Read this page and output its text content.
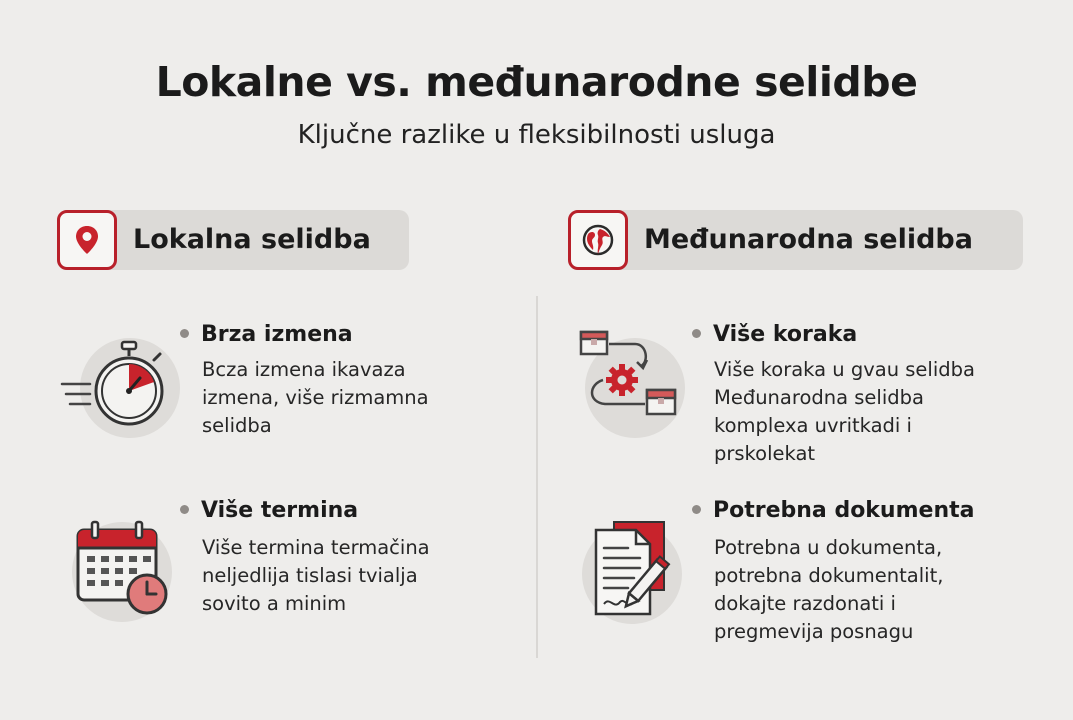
Lokalne vs. međunarodne selidbe
Ključne razlike u fleksibilnosti usluga
Lokalna selidba	Međunarodna selidba
Brza izmena
Bcza izmena ikavaza
izmena, više rizmamna
selidba
Više termina
Više termina termačina
neljedlija tislasi tvialja
sovito a minim
Više koraka
Više koraka u gvau selidba
Međunarodna selidba
komplexa uvritkadi i
prskolekat
Potrebna dokumenta
Potrebna u dokumenta,
potrebna dokumentalit,
dokajte razdonati i
pregmevija posnagu
